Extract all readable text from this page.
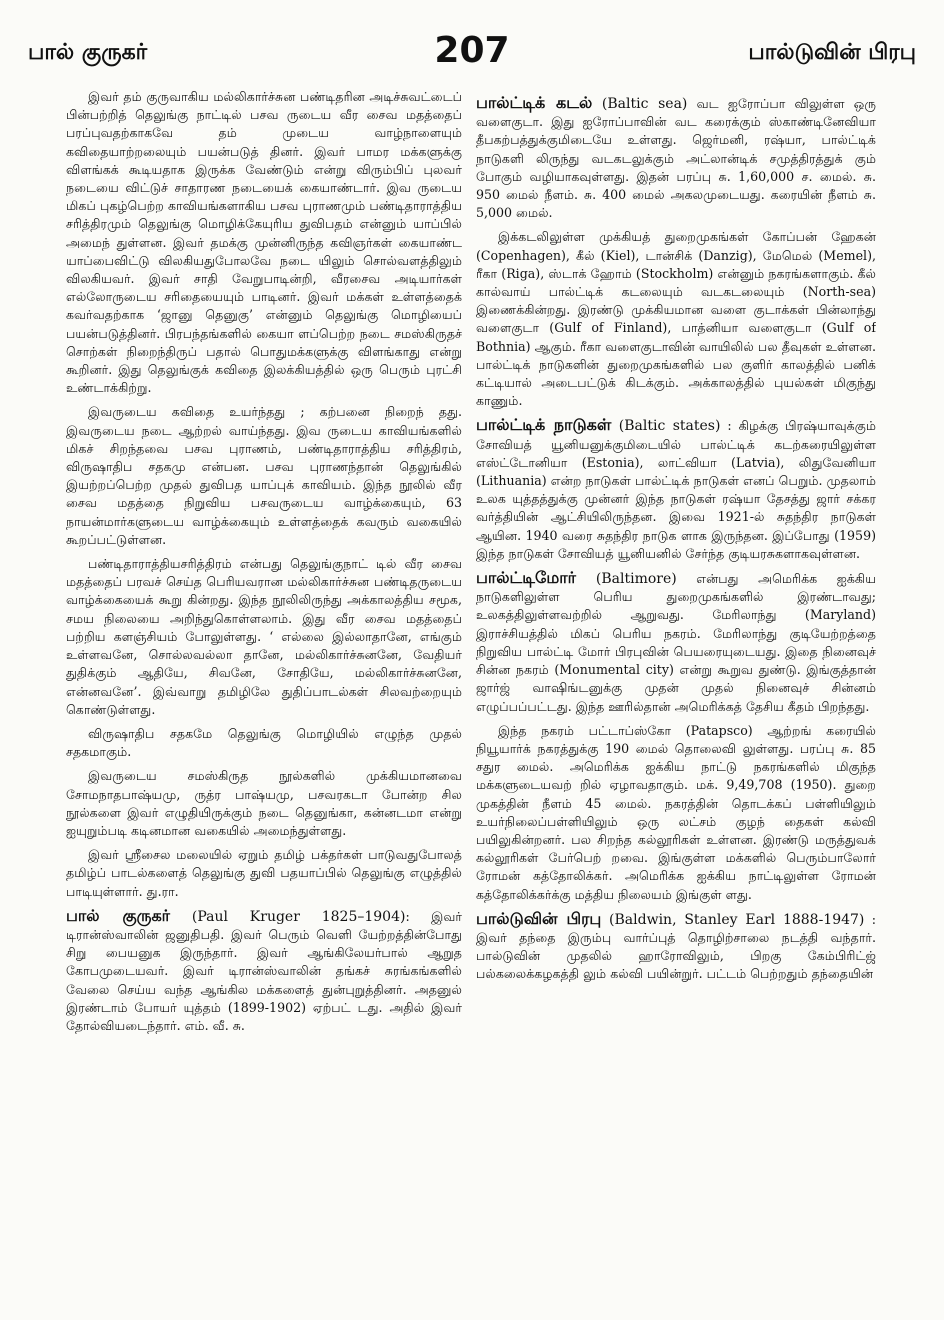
பால் குருகர்	207	பால்டுவின் பிரபு

இவர் தம் குருவாகிய மல்லிகார்ச்சுன பண்டிதரின அடிச்சுவட்டைப் பின்பற்றித் தெலுங்கு நாட்டில் பசவ ருடைய வீர சைவ மதத்தைப் பரப்புவதற்காகவே தம் முடைய வாழ்நாளையும் கவிதையாற்றலையும் பயன்படுத் தினர். இவர் பாமர மக்களுக்கு விளங்கக் கூடியதாக இருக்க வேண்டும் என்று விரும்பிப் புலவர் நடையை விட்டுச் சாதாரண நடையைக் கையாண்டார். இவ ருடைய மிகப் புகழ்பெற்ற காவியங்களாகிய பசவ புராணமும் பண்டிதாராத்திய சரித்திரமும் தெலுங்கு மொழிக்கேயுரிய துவிபதம் என்னும் யாப்பில் அமைந் துள்ளன. இவர் தமக்கு முன்னிருந்த கவிஞர்கள் கையாண்ட யாப்பைவிட்டு விலகியதுபோலவே நடை யிலும் சொல்வளத்திலும் விலகியவர். இவர் சாதி வேறுபாடின்றி, வீரசைவ அடியார்கள் எல்லோருடைய சரிதையையும் பாடினர். இவர் மக்கள் உள்ளத்தைக் கவர்வதற்காக ‘ஜானு தெனுகு’ என்னும் தெலுங்கு மொழியைப் பயன்படுத்தினர். பிரபந்தங்களில் கையா ளப்பெற்ற நடை சமஸ்கிருதச் சொற்கள் நிறைந்திருப் பதால் பொதுமக்களுக்கு விளங்காது என்று கூறினர். இது தெலுங்குக் கவிதை இலக்கியத்தில் ஒரு பெரும் புரட்சி உண்டாக்கிற்று.

இவருடைய கவிதை உயர்ந்தது ; கற்பனை நிறைந் தது. இவருடைய நடை ஆற்றல் வாய்ந்தது. இவ ருடைய காவியங்களில் மிகச் சிறந்தவை பசவ புராணம், பண்டிதாராத்திய சரித்திரம், விருஷாதிப சதகமு என்பன. பசவ புராணந்தான் தெலுங்கில் இயற்றப்பெற்ற முதல் துவிபத யாப்புக் காவியம். இந்த நூலில் வீர சைவ மதத்தை நிறுவிய பசவருடைய வாழ்க்கையும், 63 நாயன்மார்களுடைய வாழ்க்கையும் உள்ளத்தைக் கவரும் வகையில் கூறப்பட்டுள்ளன.

பண்டிதாராத்தியசரித்திரம் என்பது தெலுங்குநாட் டில் வீர சைவ மதத்தைப் பரவச் செய்த பெரியவரான மல்லிகார்ச்சுன பண்டிதருடைய வாழ்க்கையைக் கூறு கின்றது. இந்த நூலிலிருந்து அக்காலத்திய சமூக, சமய நிலையை அறிந்துகொள்ளலாம். இது வீர சைவ மதத்தைப் பற்றிய களஞ்சியம் போலுள்ளது. ‘ எல்லை இல்லாதானே, எங்கும் உள்ளவனே, சொல்லவல்லா தானே, மல்லிகார்ச்சுனனே, வேதியர் துதிக்கும் ஆதியே, சிவனே, சோதியே, மல்லிகார்ச்சுனனே, என்னவனே’. இவ்வாறு தமிழிலே துதிப்பாடல்கள் சிலவற்றையும் கொண்டுள்ளது.

விருஷாதிப சதகமே தெலுங்கு மொழியில் எழுந்த முதல் சதகமாகும்.

இவருடைய சமஸ்கிருத நூல்களில் முக்கியமானவை சோமநாதபாஷ்யமு, ருத்ர பாஷ்யமு, பசவரகடா போன்ற சில நூல்களை இவர் எழுதியிருக்கும் நடை தெனுங்கா, கன்னடமா என்று ஐயுறும்படி கடினமான வகையில் அமைந்துள்ளது.

இவர் ஸ்ரீசைல மலையில் ஏறும் தமிழ் பக்தர்கள் பாடுவதுபோலத் தமிழ்ப் பாடல்களைத் தெலுங்கு துவி பதயாப்பில் தெலுங்கு எழுத்தில் பாடியுள்ளார். து.ரா.

பால் குருகர் (Paul Kruger 1825–1904): இவர் டிரான்ஸ்வாலின் ஜனுதிபதி. இவர் பெரும் வெளி யேற்றத்தின்போது சிறு பையனுக இருந்தார். இவர் ஆங்கிலேயர்பால் ஆறுத கோபமுடையவர். இவர் டிரான்ஸ்வாலின் தங்கச் சுரங்கங்களில் வேலை செய்ய வந்த ஆங்கில மக்களைத் துன்புறுத்தினர். அதனுல் இரண்டாம் போயர் யுத்தம் (1899-1902) ஏற்பட் டது. அதில் இவர் தோல்வியடைந்தார். எம். வீ. சு.

பால்ட்டிக் கடல் (Baltic sea) வட ஐரோப்பா விலுள்ள ஒரு வளைகுடா. இது ஐரோப்பாவின் வட கரைக்கும் ஸ்காண்டினேவியா தீபகற்பத்துக்குமிடையே உள்ளது. ஜெர்மனி, ரஷ்யா, பால்ட்டிக் நாடுகளி லிருந்து வடகடலுக்கும் அட்லான்டிக் சமுத்திரத்துக் கும் போகும் வழியாகவுள்ளது. இதன் பரப்பு சு. 1,60,000 ச. மைல். சு. 950 மைல் நீளம். சு. 400 மைல் அகலமுடையது. கரையின் நீளம் சு. 5,000 மைல்.

இக்கடலிலுள்ள முக்கியத் துறைமுகங்கள் கோப்பன் ஹேகன் (Copenhagen), கீல் (Kiel), டான்சிக் (Danzig), மேமெல் (Memel), ரீகா (Riga), ஸ்டாக் ஹோம் (Stockholm) என்னும் நகரங்களாகும். கீல் கால்வாய் பால்ட்டிக் கடலையும் வடகடலையும் (North-sea) இணைக்கின்றது. இரண்டு முக்கியமான வளை குடாக்கள் பின்லாந்து வளைகுடா (Gulf of Finland), பாத்னியா வளைகுடா (Gulf of Bothnia) ஆகும். ரீகா வளைகுடாவின் வாயிலில் பல தீவுகள் உள்ளன. பால்ட்டிக் நாடுகளின் துறைமுகங்களில் பல குளிர் காலத்தில் பனிக் கட்டியால் அடைபட்டுக் கிடக்கும். அக்காலத்தில் புயல்கள் மிகுந்து காணும்.

பால்ட்டிக் நாடுகள் (Baltic states) : கிழக்கு பிரஷ்யாவுக்கும் சோவியத் யூனியனுக்குமிடையில் பால்ட்டிக் கடற்கரையிலுள்ள எஸ்ட்டோனியா (Estonia), லாட்வியா (Latvia), லிதுவேனியா (Lithuania) என்ற நாடுகள் பால்ட்டிக் நாடுகள் எனப் பெறும். முதலாம் உலக யுத்தத்துக்கு முன்னர் இந்த நாடுகள் ரஷ்யா தேசத்து ஜார் சக்கர வர்த்தியின் ஆட்சியிலிருந்தன. இவை 1921-ல் சுதந்திர நாடுகள் ஆயின. 1940 வரை சுதந்திர நாடுக ளாக இருந்தன. இப்போது (1959) இந்த நாடுகள் சோவியத் யூனியனில் சேர்ந்த குடியரசுகளாகவுள்ளன.

பால்ட்டிமோர் (Baltimore) என்பது அமெரிக்க ஐக்கிய நாடுகளிலுள்ள பெரிய துறைமுகங்களில் இரண்டாவது; உலகத்திலுள்ளவற்றில் ஆறுவது. மேரிலாந்து (Maryland) இராச்சியத்தில் மிகப் பெரிய நகரம். மேரிலாந்து குடியேற்றத்தை நிறுவிய பால்ட்டி மோர் பிரபுவின் பெயரையுடையது. இதை நினைவுச் சின்ன நகரம் (Monumental city) என்று கூறுவ துண்டு. இங்குத்தான் ஜார்ஜ் வாஷிங்டனுக்கு முதன் முதல் நினைவுச் சின்னம் எழுப்பப்பட்டது. இந்த ஊரில்தான் அமெரிக்கத் தேசிய கீதம் பிறந்தது.

இந்த நகரம் பட்டாப்ஸ்கோ (Patapsco) ஆற்றங் கரையில் நியூயார்க் நகரத்துக்கு 190 மைல் தொலைவி லுள்ளது. பரப்பு சு. 85 சதுர மைல். அமெரிக்க ஐக்கிய நாட்டு நகரங்களில் மிகுந்த மக்களுடையவற் றில் ஏழாவதாகும். மக். 9,49,708 (1950). துறை முகத்தின் நீளம் 45 மைல். நகரத்தின் தொடக்கப் பள்ளியிலும் உயர்நிலைப்பள்ளியிலும் ஒரு லட்சம் குழந் தைகள் கல்வி பயிலுகின்றனர். பல சிறந்த கல்லூரிகள் உள்ளன. இரண்டு மருத்துவக் கல்லூரிகள் பேர்பெற் றவை. இங்குள்ள மக்களில் பெரும்பாலோர் ரோமன் கத்தோலிக்கர். அமெரிக்க ஐக்கிய நாட்டிலுள்ள ரோமன் கத்தோலிக்கர்க்கு மத்திய நிலையம் இங்குள் ளது.

பால்டுவின் பிரபு (Baldwin, Stanley Earl 1888-1947) : இவர் தந்தை இரும்பு வார்ப்புத் தொழிற்சாலை நடத்தி வந்தார். பால்டுவின் முதலில் ஹாரோவிலும், பிறகு கேம்பிரிட்ஜ் பல்கலைக்கழகத்தி லும் கல்வி பயின்றுர். பட்டம் பெற்றதும் தந்தையின்
